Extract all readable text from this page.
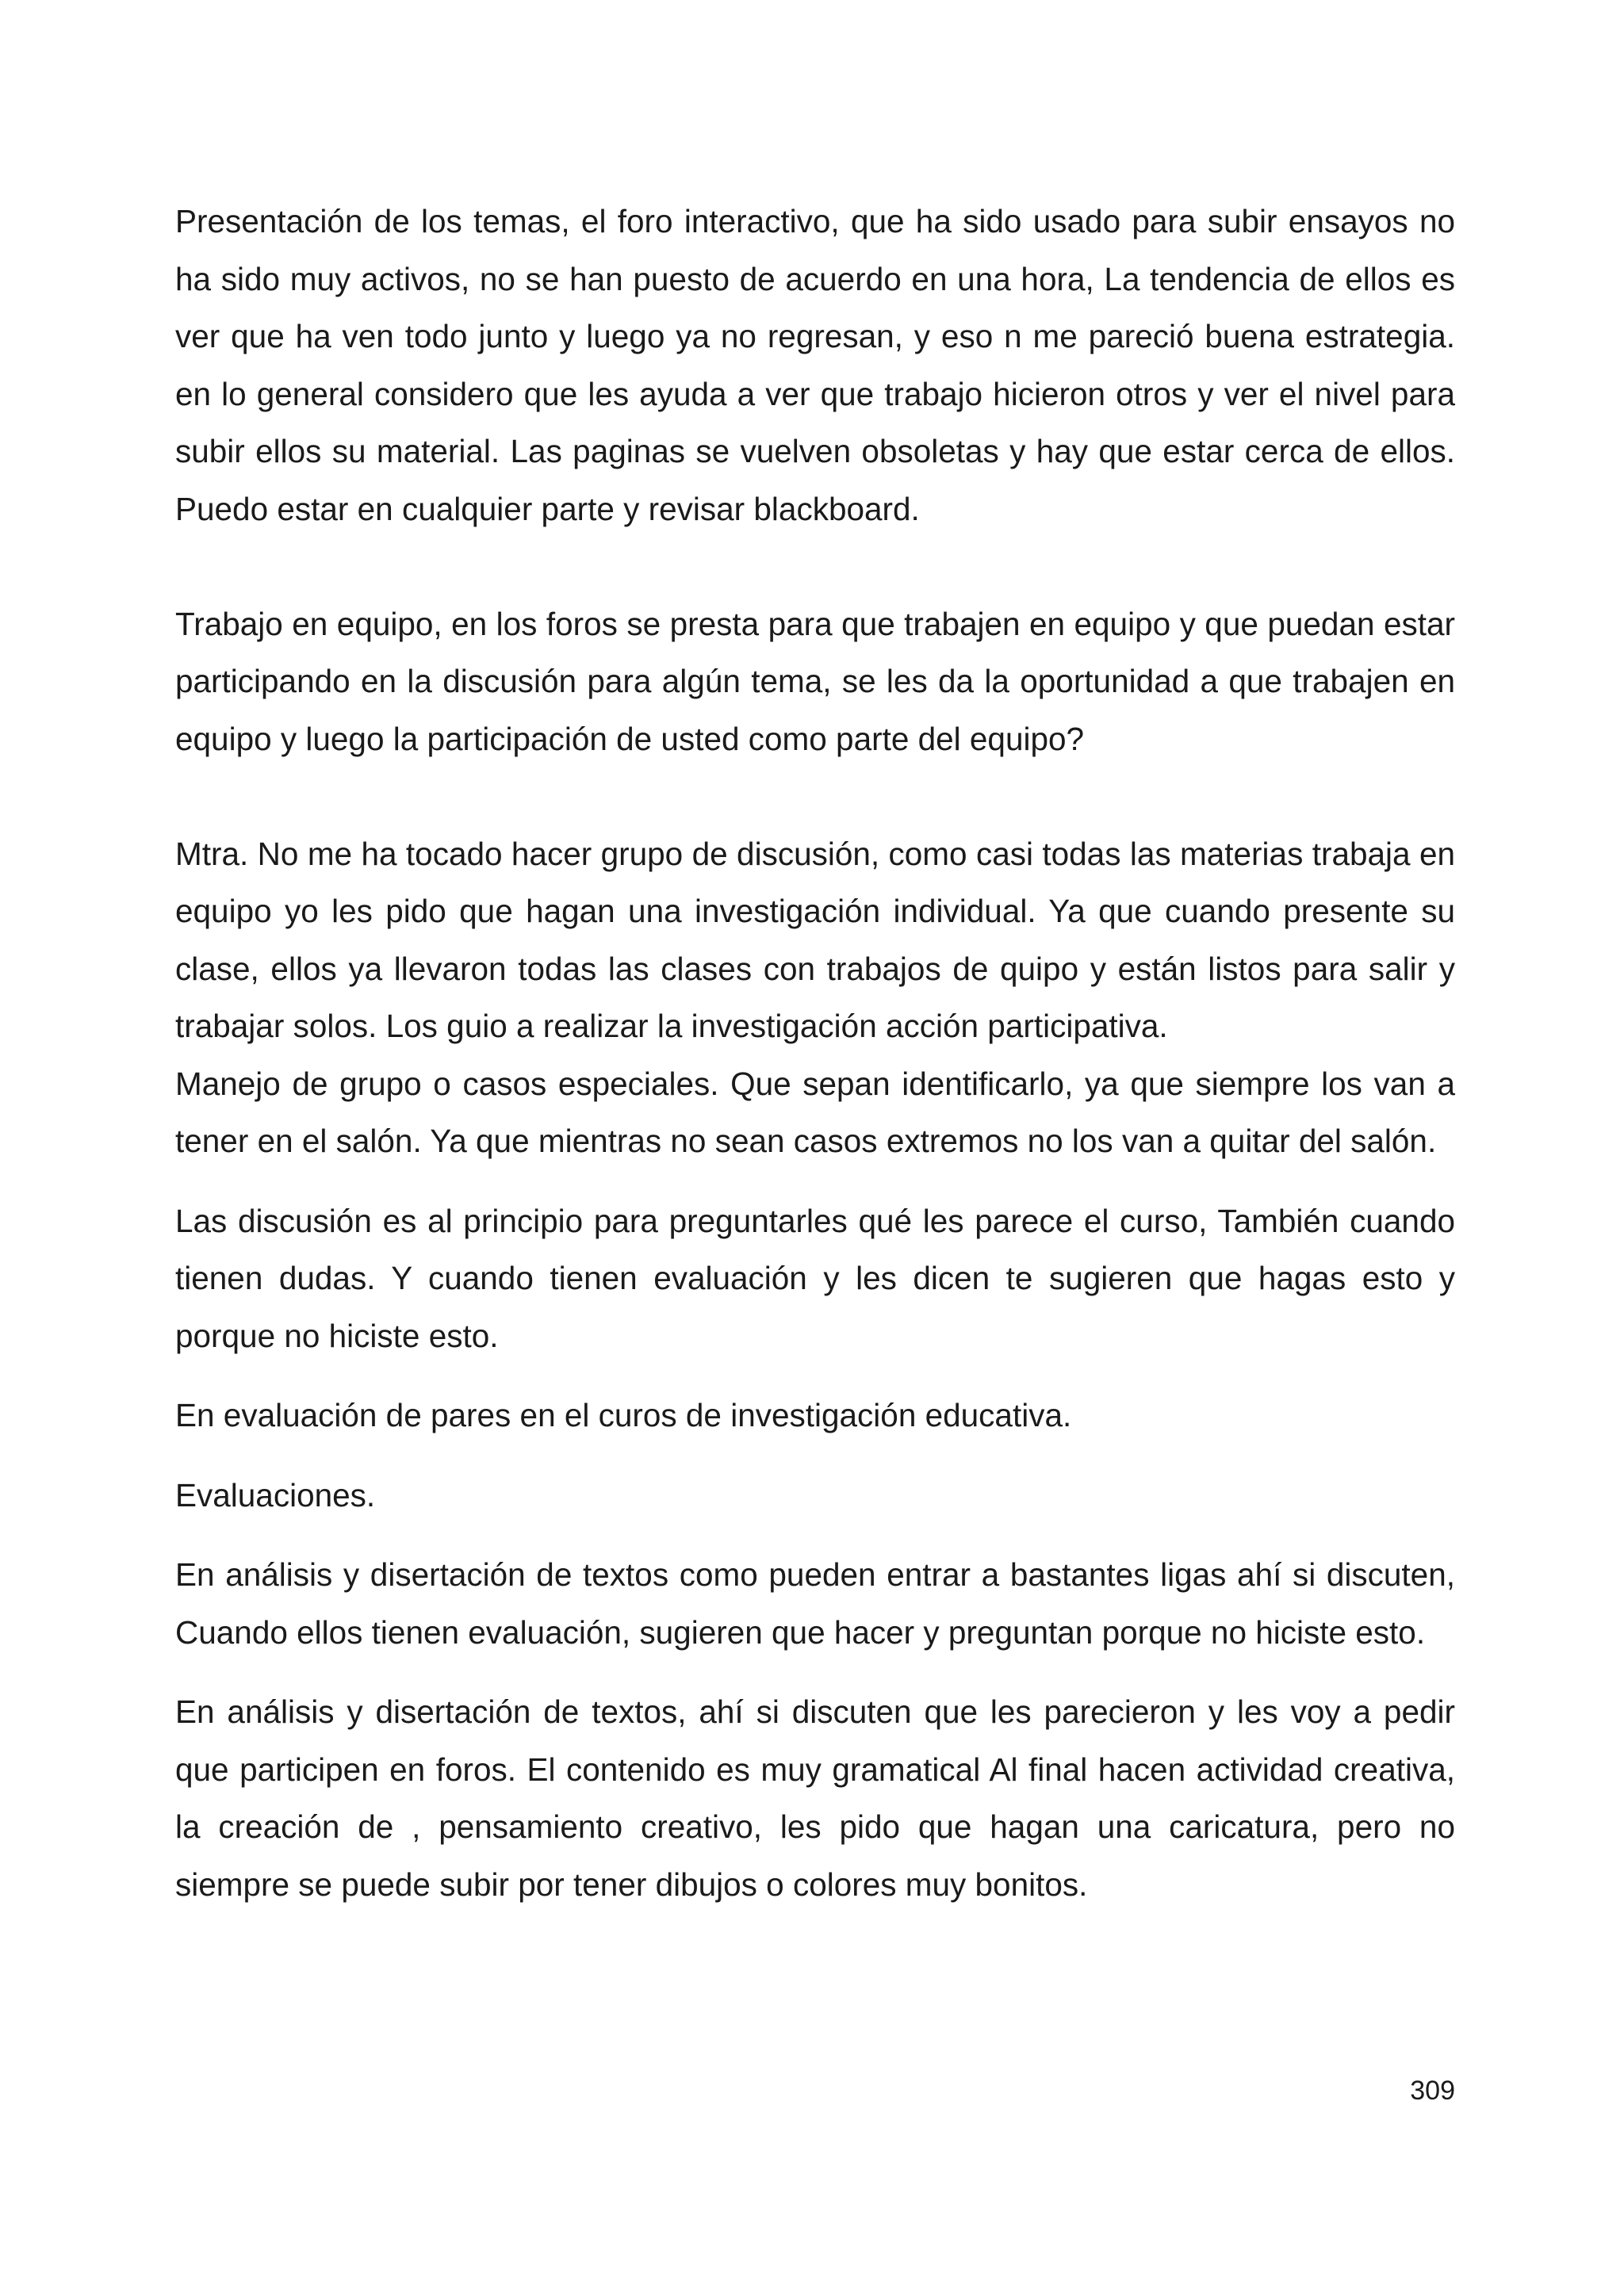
Presentación de los temas, el foro interactivo, que ha sido usado para subir ensayos no ha sido muy activos, no se han puesto de acuerdo en una hora, La tendencia de ellos es ver que ha ven todo junto y luego ya no regresan, y eso n me pareció buena estrategia. en lo general considero que les ayuda a ver que trabajo hicieron otros y ver el nivel para subir ellos su material. Las paginas se vuelven obsoletas y hay que estar cerca de ellos. Puedo estar en cualquier parte y revisar blackboard.

Trabajo en equipo, en los foros se presta para que trabajen en equipo y que puedan estar participando en la discusión para algún tema, se les da la oportunidad a que trabajen en equipo y luego la participación de usted como parte del equipo?

Mtra. No me ha tocado hacer grupo de discusión, como casi todas las materias trabaja en equipo yo les pido que hagan una investigación individual. Ya que cuando presente su clase, ellos ya llevaron todas las clases con trabajos de quipo y están listos para salir y trabajar solos. Los guio a realizar la investigación acción participativa.

Manejo de grupo o casos especiales. Que sepan identificarlo, ya que siempre los van a tener en el salón. Ya que mientras no sean casos extremos no los van a quitar del salón.

Las discusión es al principio para preguntarles qué les parece el curso, También cuando tienen dudas. Y cuando tienen evaluación y les dicen te sugieren que hagas esto y porque no hiciste esto.

En evaluación de pares en el curos de investigación educativa.

Evaluaciones.

En análisis y disertación de textos como pueden entrar a bastantes ligas ahí si discuten, Cuando ellos tienen evaluación, sugieren que hacer y preguntan porque no hiciste esto.

En análisis y disertación de textos, ahí si discuten que les parecieron y les voy a pedir que participen en foros. El contenido es muy gramatical Al final hacen actividad creativa, la creación de , pensamiento creativo, les pido que hagan una caricatura, pero no siempre se puede subir por tener dibujos o colores muy bonitos.

309
